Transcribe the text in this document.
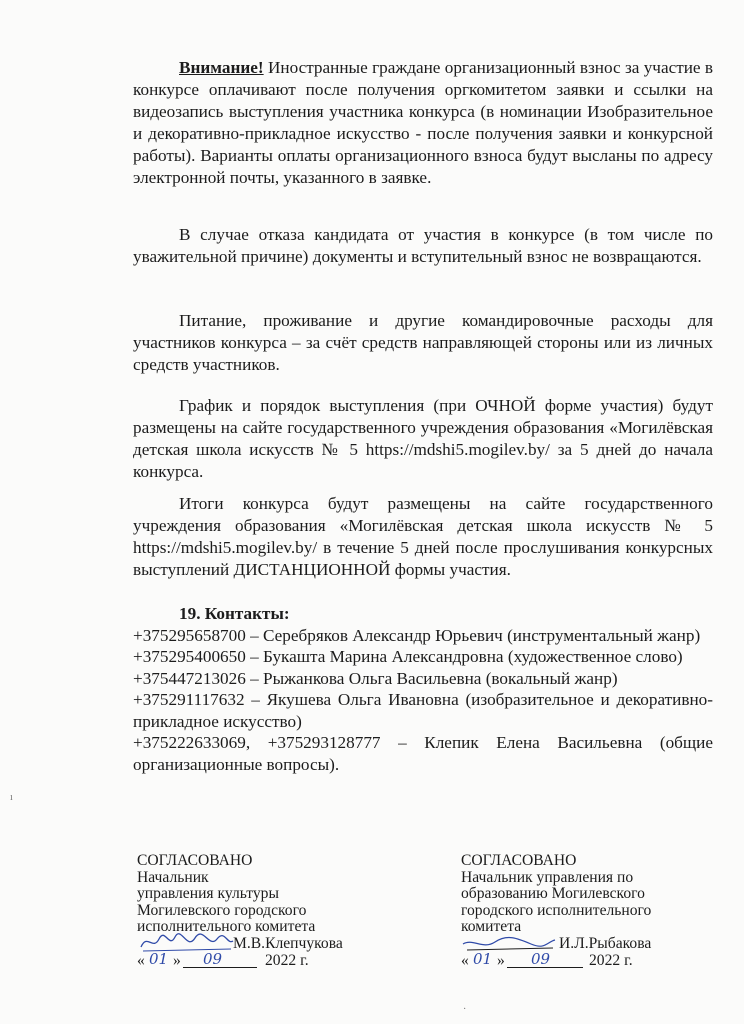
Внимание! Иностранные граждане организационный взнос за участие в конкурсе оплачивают после получения оргкомитетом заявки и ссылки на видеозапись выступления участника конкурса (в номинации Изобразительное и декоративно-прикладное искусство - после получения заявки и конкурсной работы). Варианты оплаты организационного взноса будут высланы по адресу электронной почты, указанного в заявке.

В случае отказа кандидата от участия в конкурсе (в том числе по уважительной причине) документы и вступительный взнос не возвращаются.

Питание, проживание и другие командировочные расходы для участников конкурса – за счёт средств направляющей стороны или из личных средств участников.

График и порядок выступления (при ОЧНОЙ форме участия) будут размещены на сайте государственного учреждения образования «Могилёвская детская школа искусств № 5 https://mdshi5.mogilev.by/ за 5 дней до начала конкурса.

Итоги конкурса будут размещены на сайте государственного учреждения образования «Могилёвская детская школа искусств № 5 https://mdshi5.mogilev.by/ в течение 5 дней после прослушивания конкурсных выступлений ДИСТАНЦИОННОЙ формы участия.

19. Контакты:

+375295658700 – Серебряков Александр Юрьевич (инструментальный жанр)

+375295400650 – Букашта Марина Александровна (художественное слово)

+375447213026 – Рыжанкова Ольга Васильевна (вокальный жанр)

+375291117632 – Якушева Ольга Ивановна (изобразительное и декоративно-прикладное искусство)

+375222633069, +375293128777 – Клепик Елена Васильевна (общие организационные вопросы).

СОГЛАСОВАНО

Начальник

управления культуры

Могилевского городского

исполнительного комитета

М.В.Клепчукова
« 01 » 09	2022 г.

СОГЛАСОВАНО

Начальник управления по

образованию Могилевского

городского исполнительного

комитета

И.Л.Рыбакова
« 01 » 09 2022 г.
ı
·
